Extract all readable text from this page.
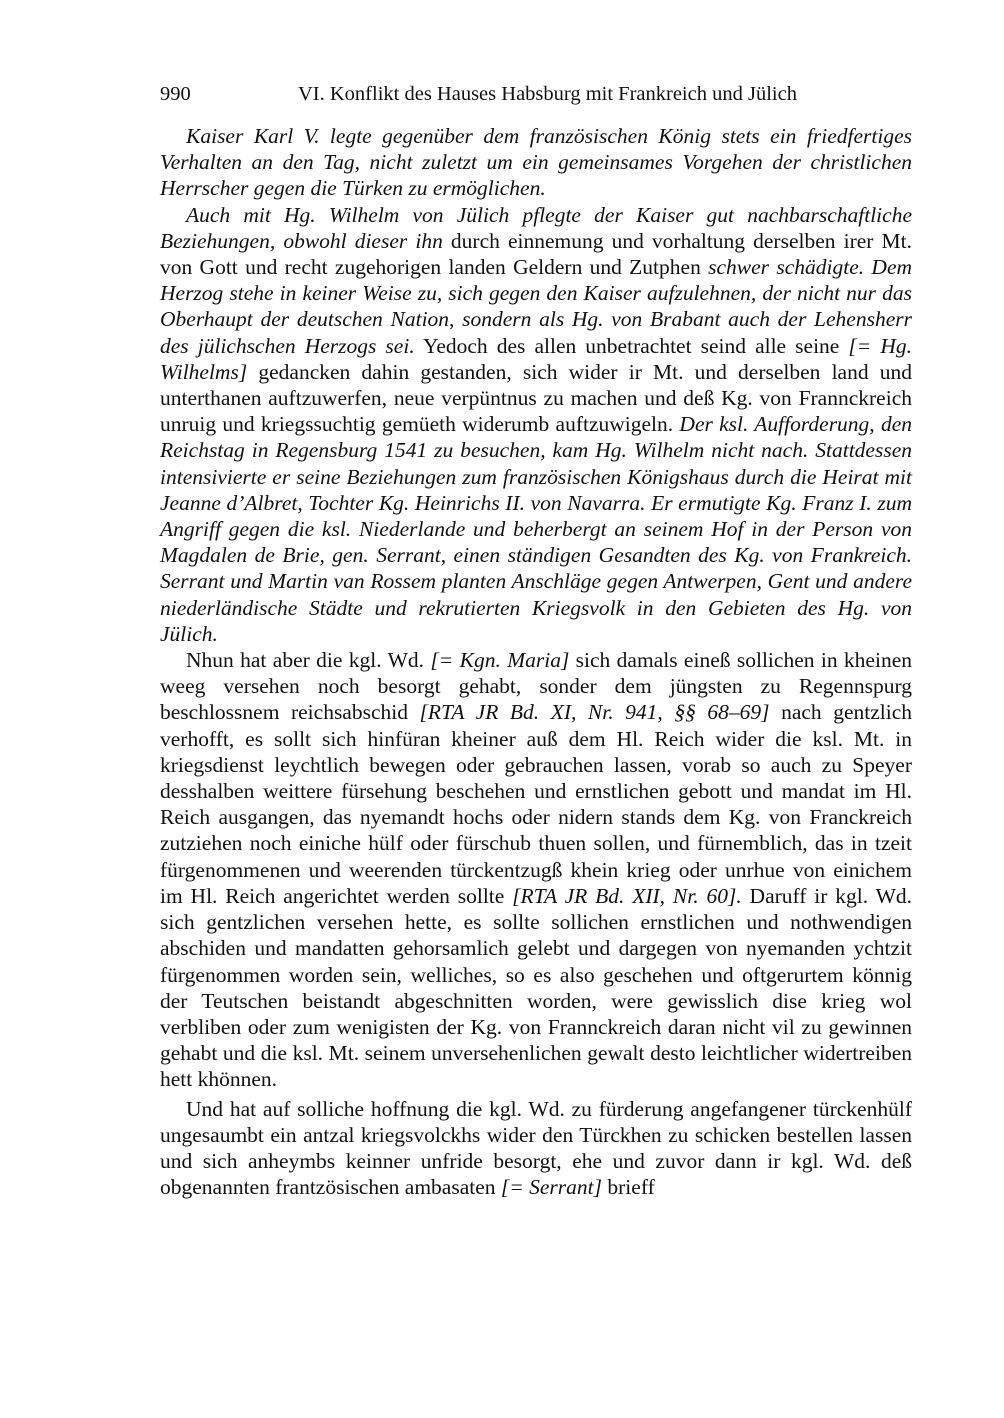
990	VI. Konflikt des Hauses Habsburg mit Frankreich und Jülich

Kaiser Karl V. legte gegenüber dem französischen König stets ein friedfertiges Verhalten an den Tag, nicht zuletzt um ein gemeinsames Vorgehen der christlichen Herrscher gegen die Türken zu ermöglichen.

Auch mit Hg. Wilhelm von Jülich pflegte der Kaiser gut nachbarschaftliche Beziehungen, obwohl dieser ihn durch einnemung und vorhaltung derselben irer Mt. von Gott und recht zugehorigen landen Geldern und Zutphen schwer schädigte. Dem Herzog stehe in keiner Weise zu, sich gegen den Kaiser aufzulehnen, der nicht nur das Oberhaupt der deutschen Nation, sondern als Hg. von Brabant auch der Lehensherr des jülichschen Herzogs sei. Yedoch des allen unbetrachtet seind alle seine [= Hg. Wilhelms] gedancken dahin gestanden, sich wider ir Mt. und derselben land und unterthanen auftzuwerfen, neue verpüntnus zu machen und deß Kg. von Frannckreich unruig und kriegssuchtig gemüeth widerumb auftzuwigeln. Der ksl. Aufforderung, den Reichstag in Regensburg 1541 zu besuchen, kam Hg. Wilhelm nicht nach. Stattdessen intensivierte er seine Beziehungen zum französischen Königshaus durch die Heirat mit Jeanne d’Albret, Tochter Kg. Heinrichs II. von Navarra. Er ermutigte Kg. Franz I. zum Angriff gegen die ksl. Niederlande und beherbergt an seinem Hof in der Person von Magdalen de Brie, gen. Serrant, einen ständigen Gesandten des Kg. von Frankreich. Serrant und Martin van Rossem planten Anschläge gegen Antwerpen, Gent und andere niederländische Städte und rekrutierten Kriegsvolk in den Gebieten des Hg. von Jülich.

Nhun hat aber die kgl. Wd. [= Kgn. Maria] sich damals eineß sollichen in kheinen weeg versehen noch besorgt gehabt, sonder dem jüngsten zu Regennspurg beschlossnem reichsabschid [RTA JR Bd. XI, Nr. 941, §§ 68–69] nach gentzlich verhofft, es sollt sich hinfüran kheiner auß dem Hl. Reich wider die ksl. Mt. in kriegsdienst leychtlich bewegen oder gebrauchen lassen, vorab so auch zu Speyer desshalben weittere fürsehung beschehen und ernstlichen gebott und mandat im Hl. Reich ausgangen, das nyemandt hochs oder nidern stands dem Kg. von Franckreich zutziehen noch einiche hülf oder fürschub thuen sollen, und fürnemblich, das in tzeit fürgenommenen und weerenden türckentzugß khein krieg oder unrhue von einichem im Hl. Reich angerichtet werden sollte [RTA JR Bd. XII, Nr. 60]. Daruff ir kgl. Wd. sich gentzlichen versehen hette, es sollte sollichen ernstlichen und nothwendigen abschiden und mandatten gehorsamlich gelebt und dargegen von nyemanden ychtzit fürgenommen worden sein, welliches, so es also geschehen und oftgerurtem könnig der Teutschen beistandt abgeschnitten worden, were gewisslich dise krieg wol verbliben oder zum wenigisten der Kg. von Frannckreich daran nicht vil zu gewinnen gehabt und die ksl. Mt. seinem unversehenlichen gewalt desto leichtlicher widertreiben hett khönnen.

Und hat auf solliche hoffnung die kgl. Wd. zu fürderung angefangener türckenhülf ungesaumbt ein antzal kriegsvolckhs wider den Türckhen zu schicken bestellen lassen und sich anheymbs keinner unfride besorgt, ehe und zuvor dann ir kgl. Wd. deß obgenannten frantzösischen ambasaten [= Serrant] brieff
